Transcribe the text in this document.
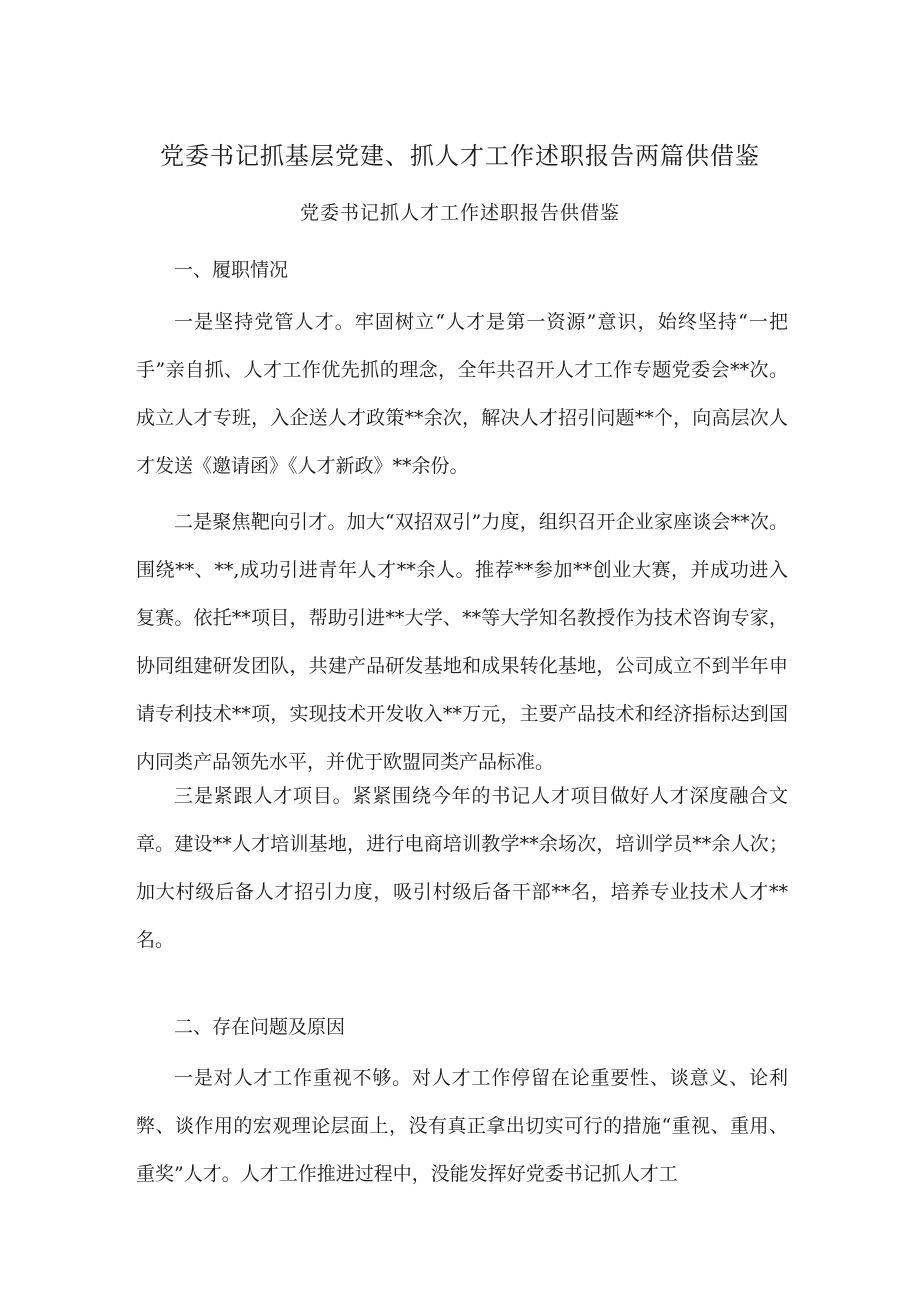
党委书记抓基层党建、抓人才工作述职报告两篇供借鉴
党委书记抓人才工作述职报告供借鉴
一、履职情况

一是坚持党管人才。牢固树立“人才是第一资源”意识，始终坚持“一把手”亲自抓、人才工作优先抓的理念，全年共召开人才工作专题党委会**次。成立人才专班，入企送人才政策**余次，解决人才招引问题**个，向高层次人才发送《邀请函》《人才新政》**余份。

二是聚焦靶向引才。加大“双招双引”力度，组织召开企业家座谈会**次。围绕**、**,成功引进青年人才**余人。推荐**参加**创业大赛，并成功进入复赛。依托**项目，帮助引进**大学、**等大学知名教授作为技术咨询专家，协同组建研发团队，共建产品研发基地和成果转化基地，公司成立不到半年申请专利技术**项，实现技术开发收入**万元，主要产品技术和经济指标达到国内同类产品领先水平，并优于欧盟同类产品标准。

三是紧跟人才项目。紧紧围绕今年的书记人才项目做好人才深度融合文章。建设**人才培训基地，进行电商培训教学**余场次，培训学员**余人次；加大村级后备人才招引力度，吸引村级后备干部**名，培养专业技术人才**名。

二、存在问题及原因

一是对人才工作重视不够。对人才工作停留在论重要性、谈意义、论利弊、谈作用的宏观理论层面上，没有真正拿出切实可行的措施“重视、重用、重奖”人才。人才工作推进过程中，没能发挥好党委书记抓人才工
